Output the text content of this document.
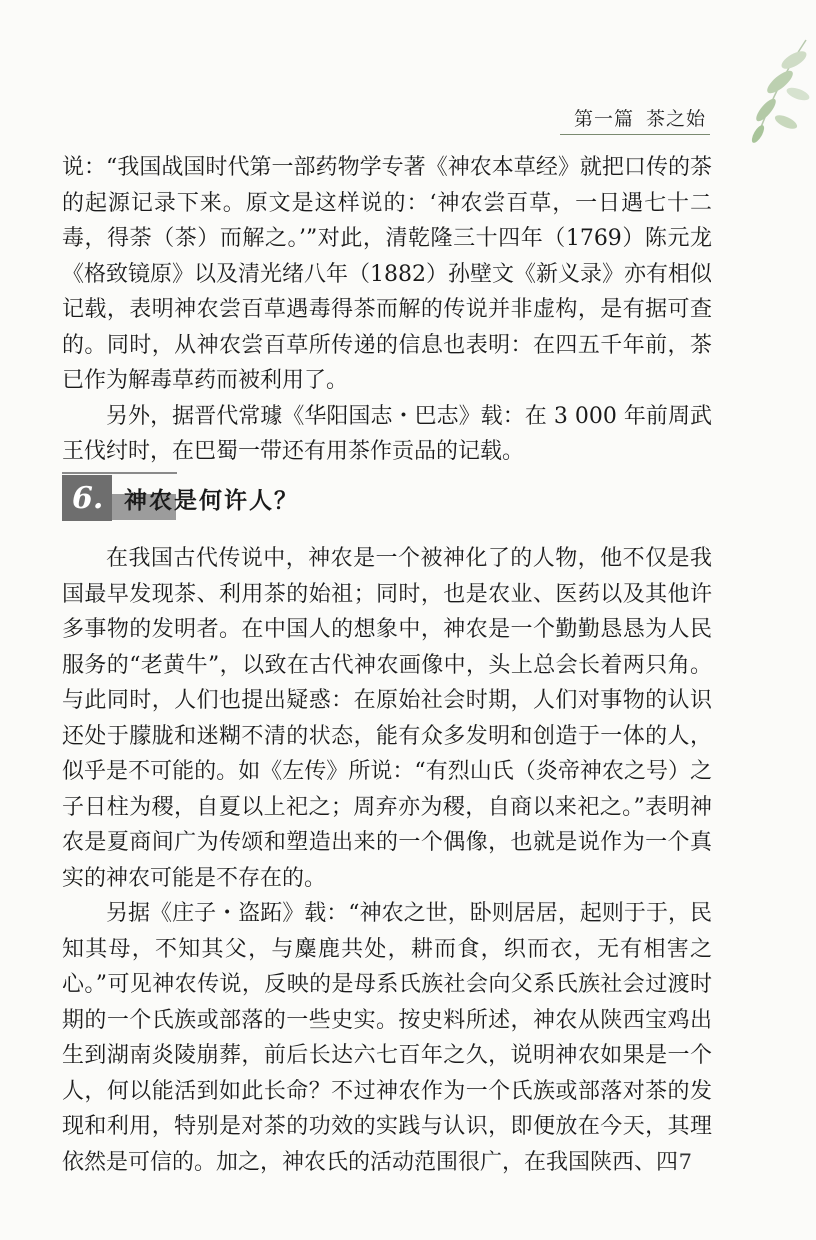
第一篇 茶之始

说：“我国战国时代第一部药物学专著《神农本草经》就把口传的茶的起源记录下来。原文是这样说的：‘神农尝百草，一日遇七十二毒，得荼（茶）而解之。’”对此，清乾隆三十四年（1769）陈元龙《格致镜原》以及清光绪八年（1882）孙壁文《新义录》亦有相似记载，表明神农尝百草遇毒得茶而解的传说并非虚构，是有据可查的。同时，从神农尝百草所传递的信息也表明：在四五千年前，茶已作为解毒草药而被利用了。

另外，据晋代常璩《华阳国志・巴志》载：在 3 000 年前周武王伐纣时，在巴蜀一带还有用茶作贡品的记载。

6. 神农是何许人？

在我国古代传说中，神农是一个被神化了的人物，他不仅是我国最早发现茶、利用茶的始祖；同时，也是农业、医药以及其他许多事物的发明者。在中国人的想象中，神农是一个勤勤恳恳为人民服务的“老黄牛”，以致在古代神农画像中，头上总会长着两只角。与此同时，人们也提出疑惑：在原始社会时期，人们对事物的认识还处于朦胧和迷糊不清的状态，能有众多发明和创造于一体的人，似乎是不可能的。如《左传》所说：“有烈山氏（炎帝神农之号）之子日柱为稷，自夏以上祀之；周弃亦为稷，自商以来祀之。”表明神农是夏商间广为传颂和塑造出来的一个偶像，也就是说作为一个真实的神农可能是不存在的。

另据《庄子・盗跖》载：“神农之世，卧则居居，起则于于，民知其母，不知其父，与麋鹿共处，耕而食，织而衣，无有相害之心。”可见神农传说，反映的是母系氏族社会向父系氏族社会过渡时期的一个氏族或部落的一些史实。按史料所述，神农从陕西宝鸡出生到湖南炎陵崩葬，前后长达六七百年之久，说明神农如果是一个人，何以能活到如此长命？不过神农作为一个氏族或部落对茶的发现和利用，特别是对茶的功效的实践与认识，即便放在今天，其理依然是可信的。加之，神农氏的活动范围很广，在我国陕西、四 7
